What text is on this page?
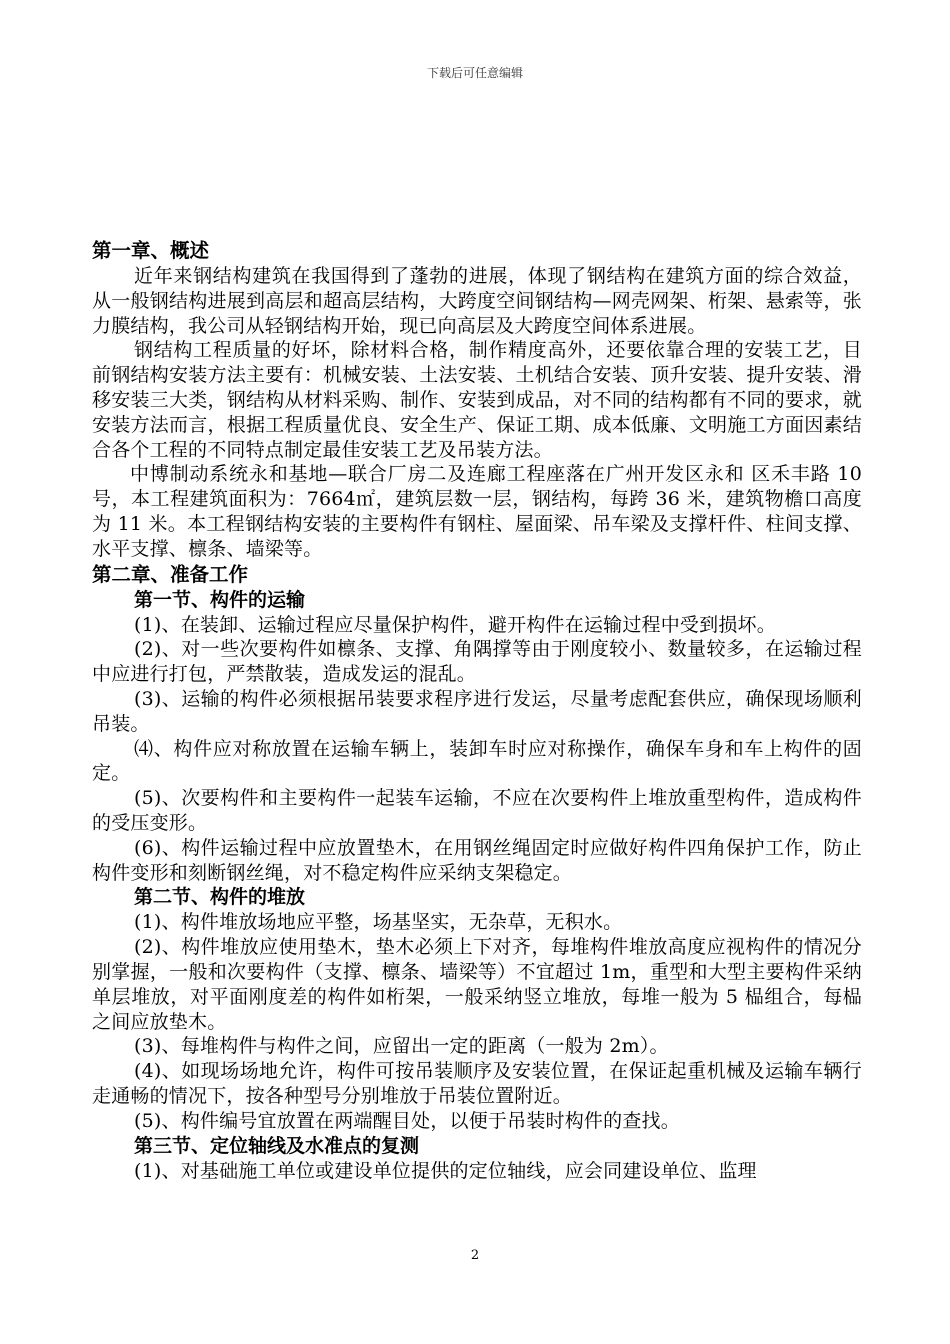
下载后可任意编辑
第一章、概述

近年来钢结构建筑在我国得到了蓬勃的进展，体现了钢结构在建筑方面的综合效益，从一般钢结构进展到高层和超高层结构，大跨度空间钢结构—网壳网架、桁架、悬索等，张力膜结构，我公司从轻钢结构开始，现已向高层及大跨度空间体系进展。

钢结构工程质量的好坏，除材料合格，制作精度高外，还要依靠合理的安装工艺，目前钢结构安装方法主要有：机械安装、土法安装、土机结合安装、顶升安装、提升安装、滑移安装三大类，钢结构从材料采购、制作、安装到成品，对不同的结构都有不同的要求，就安装方法而言，根据工程质量优良、安全生产、保证工期、成本低廉、文明施工方面因素结合各个工程的不同特点制定最佳安装工艺及吊装方法。

中博制动系统永和基地—联合厂房二及连廊工程座落在广州开发区永和 区禾丰路 10 号，本工程建筑面积为：7664㎡，建筑层数一层，钢结构，每跨 36 米，建筑物檐口高度为 11 米。本工程钢结构安装的主要构件有钢柱、屋面梁、吊车梁及支撑杆件、柱间支撑、水平支撑、檩条、墙梁等。

第二章、准备工作
第一节、构件的运输

(1)、在装卸、运输过程应尽量保护构件，避开构件在运输过程中受到损坏。

(2)、对一些次要构件如檩条、支撑、角隅撑等由于刚度较小、数量较多，在运输过程中应进行打包，严禁散装，造成发运的混乱。

(3)、运输的构件必须根据吊装要求程序进行发运，尽量考虑配套供应，确保现场顺利吊装。

⑷、构件应对称放置在运输车辆上，装卸车时应对称操作，确保车身和车上构件的固定。

(5)、次要构件和主要构件一起装车运输，不应在次要构件上堆放重型构件，造成构件的受压变形。

(6)、构件运输过程中应放置垫木，在用钢丝绳固定时应做好构件四角保护工作，防止构件变形和刻断钢丝绳，对不稳定构件应采纳支架稳定。

第二节、构件的堆放

(1)、构件堆放场地应平整，场基坚实，无杂草，无积水。

(2)、构件堆放应使用垫木，垫木必须上下对齐，每堆构件堆放高度应视构件的情况分别掌握，一般和次要构件（支撑、檩条、墙梁等）不宜超过 1m，重型和大型主要构件采纳单层堆放，对平面刚度差的构件如桁架，一般采纳竖立堆放，每堆一般为 5 榀组合，每榀之间应放垫木。

(3)、每堆构件与构件之间，应留出一定的距离（一般为 2m）。

(4)、如现场场地允许，构件可按吊装顺序及安装位置，在保证起重机械及运输车辆行走通畅的情况下，按各种型号分别堆放于吊装位置附近。

(5)、构件编号宜放置在两端醒目处，以便于吊装时构件的查找。

第三节、定位轴线及水准点的复测

(1)、对基础施工单位或建设单位提供的定位轴线，应会同建设单位、监理

2
